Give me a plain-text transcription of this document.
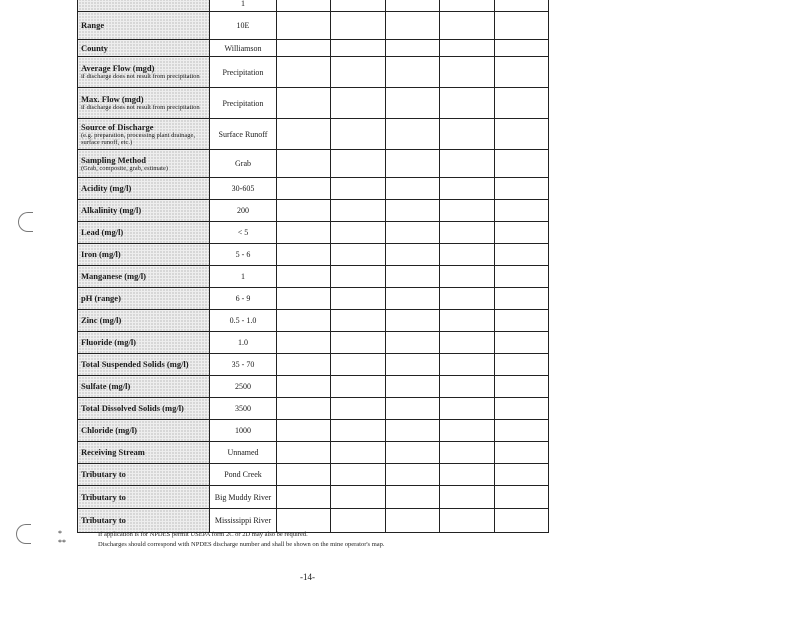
	1					
Range	10E					
County	Williamson					
Average Flow (mgd)
if discharge does not result from precipitation	Precipitation					
Max. Flow (mgd)
if discharge does not result from precipitation	Precipitation					
Source of Discharge
(e.g. preparation, processing plant drainage, surface runoff, etc.)	Surface Runoff					
Sampling Method
(Grab, composite, grab, estimate)	Grab					
Acidity (mg/l)	30-605					
Alkalinity (mg/l)	200					
Lead (mg/l)	< 5					
Iron (mg/l)	5 - 6					
Manganese (mg/l)	1					
pH (range)	6 - 9					
Zinc (mg/l)	0.5 - 1.0					
Fluoride (mg/l)	1.0					
Total Suspended Solids (mg/l)	35 - 70					
Sulfate (mg/l)	2500					
Total Dissolved Solids (mg/l)	3500					
Chloride (mg/l)	1000					
Receiving Stream	Unnamed					
Tributary to	Pond Creek					
Tributary to	Big Muddy River					
Tributary to	Mississippi River					
*
**
If application is for NPDES permit USEPA form 2C or 2D may also be required.
Discharges should correspond with NPDES discharge number and shall be shown on the mine operator's map.
-14-
